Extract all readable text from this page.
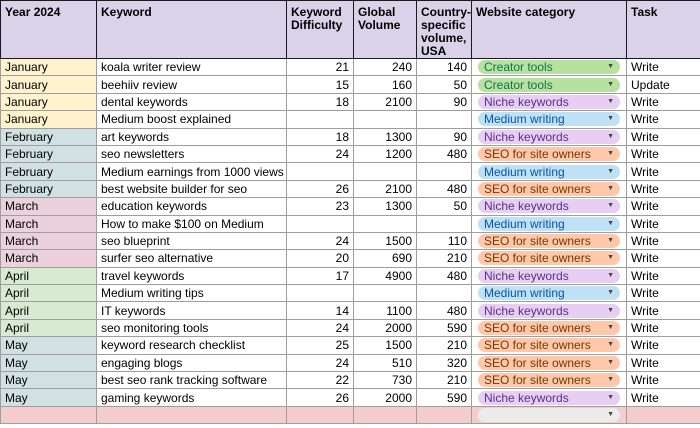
Year 2024	Keyword	Keyword Difficulty	Global Volume	Country-specific volume, USA	Website category	Task
January	koala writer review	21	240	140	Creator tools ▼	Write
January	beehiiv review	15	160	50	Creator tools ▼	Update
January	dental keywords	18	2100	90	Niche keywords ▼	Write
January	Medium boost explained				Medium writing ▼	Write
February	art keywords	18	1300	90	Niche keywords ▼	Write
February	seo newsletters	24	1200	480	SEO for site owners ▼	Write
February	Medium earnings from 1000 views				Medium writing ▼	Write
February	best website builder for seo	26	2100	480	SEO for site owners ▼	Write
March	education keywords	23	1300	50	Niche keywords ▼	Write
March	How to make $100 on Medium				Medium writing ▼	Write
March	seo blueprint	24	1500	110	SEO for site owners ▼	Write
March	surfer seo alternative	20	690	210	SEO for site owners ▼	Write
April	travel keywords	17	4900	480	Niche keywords ▼	Write
April	Medium writing tips				Medium writing ▼	Write
April	IT keywords	14	1100	480	Niche keywords ▼	Write
April	seo monitoring tools	24	2000	590	SEO for site owners ▼	Write
May	keyword research checklist	25	1500	210	SEO for site owners ▼	Write
May	engaging blogs	24	510	320	SEO for site owners ▼	Write
May	best seo rank tracking software	22	730	210	SEO for site owners ▼	Write
May	gaming keywords	26	2000	590	Niche keywords ▼	Write

					▼	
